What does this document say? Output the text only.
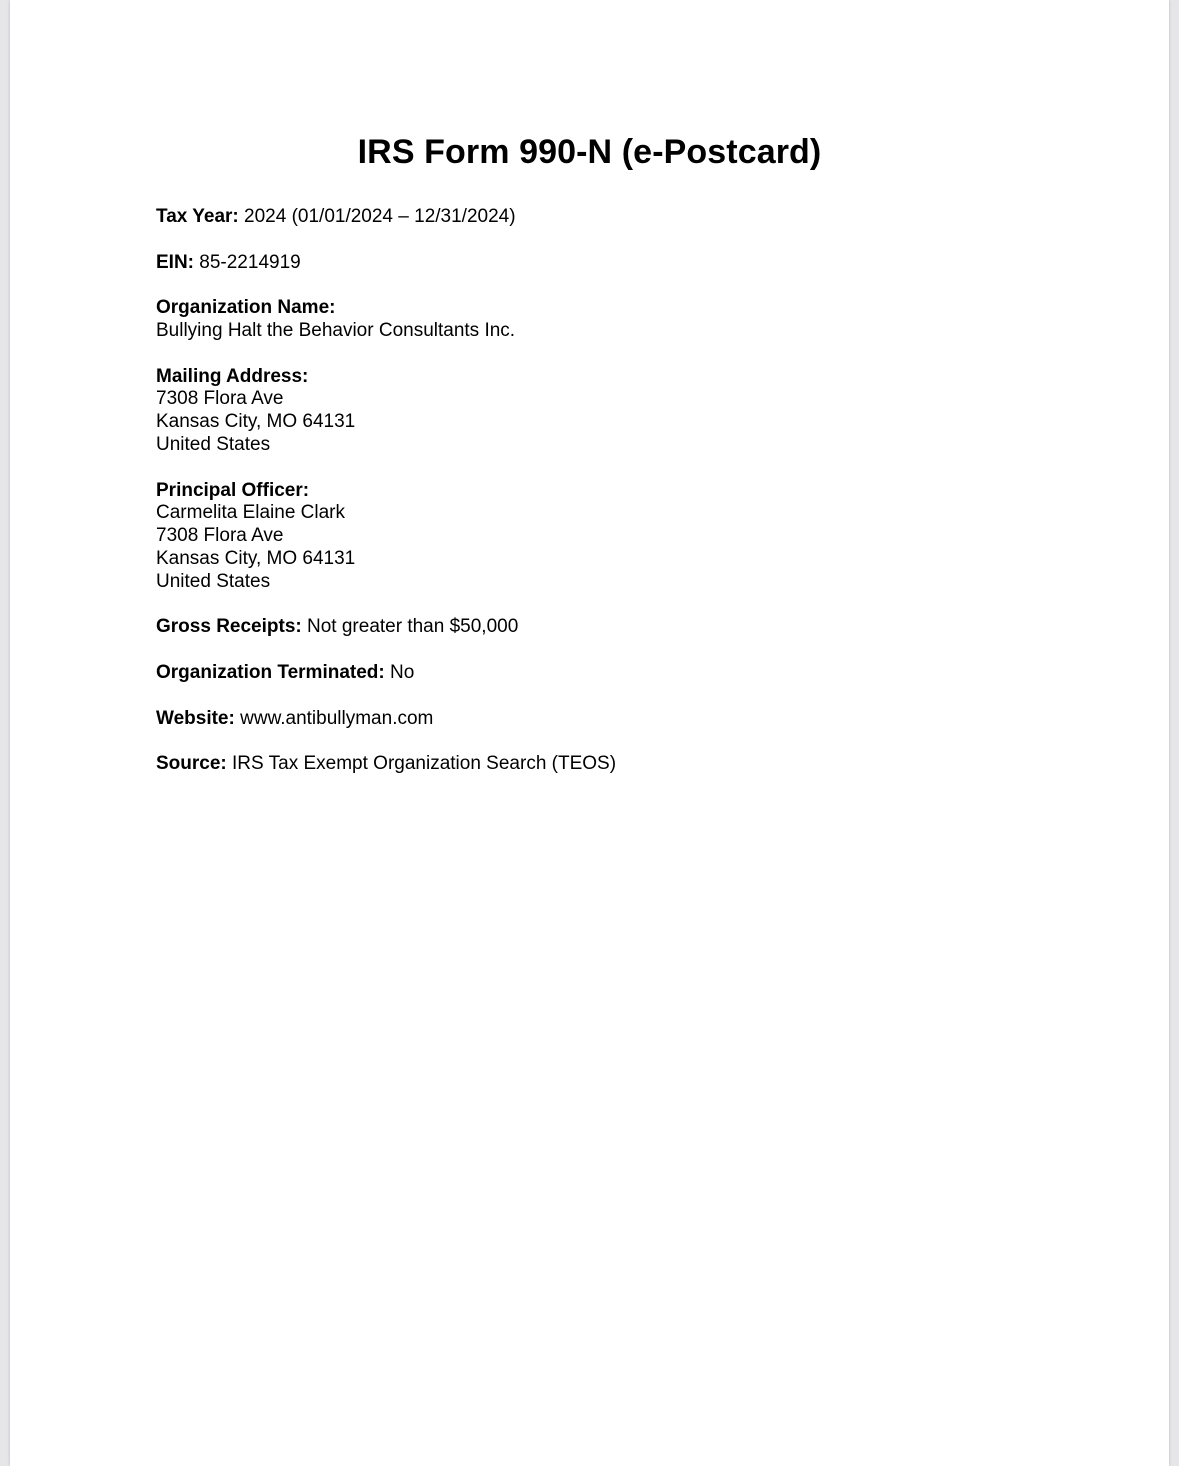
IRS Form 990-N (e-Postcard)
Tax Year: 2024 (01/01/2024 – 12/31/2024)
EIN: 85-2214919
Organization Name:
Bullying Halt the Behavior Consultants Inc.
Mailing Address:
7308 Flora Ave
Kansas City, MO 64131
United States
Principal Officer:
Carmelita Elaine Clark
7308 Flora Ave
Kansas City, MO 64131
United States
Gross Receipts: Not greater than $50,000
Organization Terminated: No
Website: www.antibullyman.com
Source: IRS Tax Exempt Organization Search (TEOS)
